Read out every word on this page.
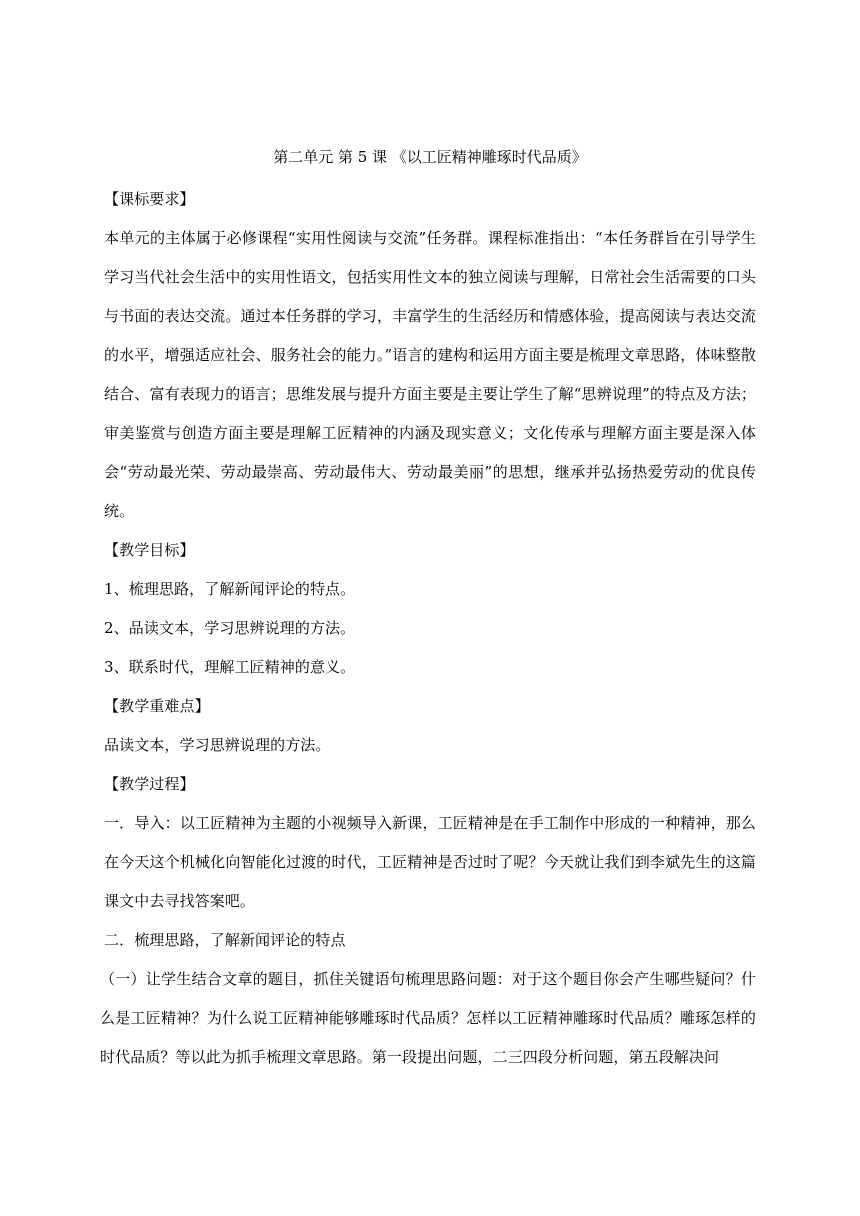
第二单元 第 5 课 《以工匠精神雕琢时代品质》

【课标要求】

本单元的主体属于必修课程“实用性阅读与交流”任务群。课程标准指出：“本任务群旨在引导学生学习当代社会生活中的实用性语文，包括实用性文本的独立阅读与理解，日常社会生活需要的口头与书面的表达交流。通过本任务群的学习，丰富学生的生活经历和情感体验，提高阅读与表达交流的水平，增强适应社会、服务社会的能力。”语言的建构和运用方面主要是梳理文章思路，体味整散结合、富有表现力的语言；思维发展与提升方面主要是主要让学生了解“思辨说理”的特点及方法；审美鉴赏与创造方面主要是理解工匠精神的内涵及现实意义；文化传承与理解方面主要是深入体会“劳动最光荣、劳动最崇高、劳动最伟大、劳动最美丽”的思想，继承并弘扬热爱劳动的优良传统。

【教学目标】

1、梳理思路，了解新闻评论的特点。

2、品读文本，学习思辨说理的方法。

3、联系时代，理解工匠精神的意义。

【教学重难点】

品读文本，学习思辨说理的方法。

【教学过程】

一．导入：以工匠精神为主题的小视频导入新课，工匠精神是在手工制作中形成的一种精神，那么在今天这个机械化向智能化过渡的时代，工匠精神是否过时了呢？今天就让我们到李斌先生的这篇课文中去寻找答案吧。

二．梳理思路，了解新闻评论的特点

（一）让学生结合文章的题目，抓住关键语句梳理思路问题：对于这个题目你会产生哪些疑问？什么是工匠精神？为什么说工匠精神能够雕琢时代品质？怎样以工匠精神雕琢时代品质？雕琢怎样的时代品质？等以此为抓手梳理文章思路。第一段提出问题，二三四段分析问题，第五段解决问
